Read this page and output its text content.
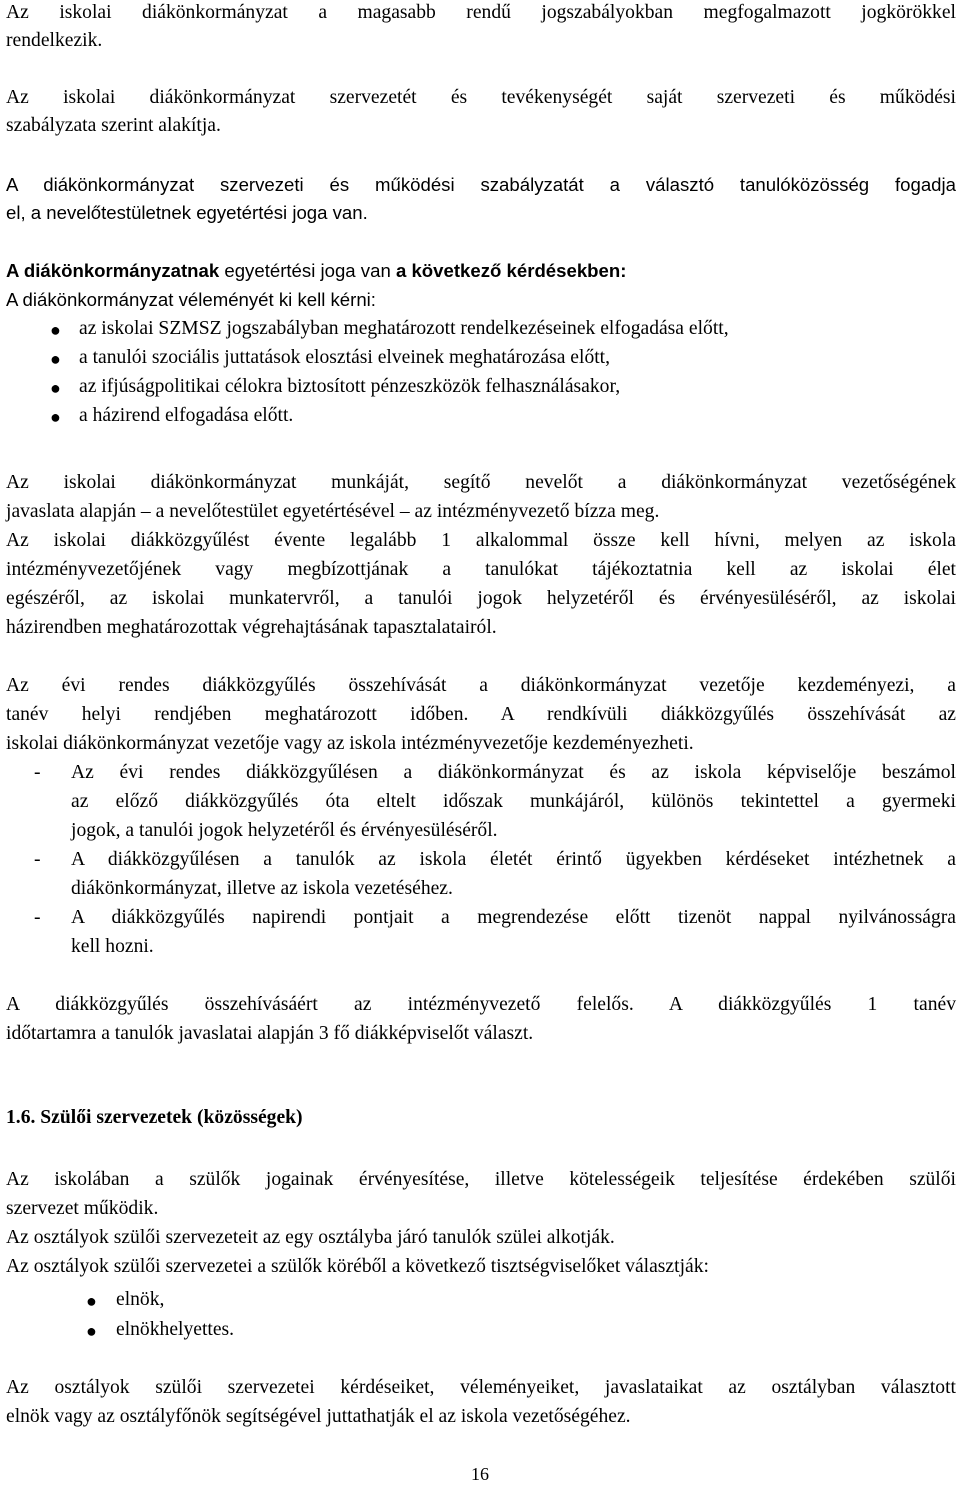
Az iskolai diákönkormányzat a magasabb rendű jogszabályokban megfogalmazott jogkörökkel
rendelkezik.
Az iskolai diákönkormányzat szervezetét és tevékenységét saját szervezeti és működési
szabályzata szerint alakítja.
A diákönkormányzat szervezeti és működési szabályzatát a választó tanulóközösség fogadja
el, a nevelőtestületnek egyetértési joga van.
A diákönkormányzatnak egyetértési joga van a következő kérdésekben:
A diákönkormányzat véleményét ki kell kérni:
● az iskolai SZMSZ jogszabályban meghatározott rendelkezéseinek elfogadása előtt,
● a tanulói szociális juttatások elosztási elveinek meghatározása előtt,
● az ifjúságpolitikai célokra biztosított pénzeszközök felhasználásakor,
● a házirend elfogadása előtt.
Az iskolai diákönkormányzat munkáját, segítő nevelőt a diákönkormányzat vezetőségének
javaslata alapján – a nevelőtestület egyetértésével – az intézményvezető bízza meg.
Az iskolai diákközgyűlést évente legalább 1 alkalommal össze kell hívni, melyen az iskola
intézményvezetőjének vagy megbízottjának a tanulókat tájékoztatnia kell az iskolai élet
egészéről, az iskolai munkatervről, a tanulói jogok helyzetéről és érvényesüléséről, az iskolai
házirendben meghatározottak végrehajtásának tapasztalatairól.
Az évi rendes diákközgyűlés összehívását a diákönkormányzat vezetője kezdeményezi, a
tanév helyi rendjében meghatározott időben. A rendkívüli diákközgyűlés összehívását az
iskolai diákönkormányzat vezetője vagy az iskola intézményvezetője kezdeményezheti.
- Az évi rendes diákközgyűlésen a diákönkormányzat és az iskola képviselője beszámol
az előző diákközgyűlés óta eltelt időszak munkájáról, különös tekintettel a gyermeki
jogok, a tanulói jogok helyzetéről és érvényesüléséről.
- A diákközgyűlésen a tanulók az iskola életét érintő ügyekben kérdéseket intézhetnek a
diákönkormányzat, illetve az iskola vezetéséhez.
- A diákközgyűlés napirendi pontjait a megrendezése előtt tizenöt nappal nyilvánosságra
kell hozni.
A diákközgyűlés összehívásáért az intézményvezető felelős. A diákközgyűlés 1 tanév
időtartamra a tanulók javaslatai alapján 3 fő diákképviselőt választ.
1.6. Szülői szervezetek (közösségek)
Az iskolában a szülők jogainak érvényesítése, illetve kötelességeik teljesítése érdekében szülői
szervezet működik.
Az osztályok szülői szervezeteit az egy osztályba járó tanulók szülei alkotják.
Az osztályok szülői szervezetei a szülők köréből a következő tisztségviselőket választják:
● elnök,
● elnökhelyettes.
Az osztályok szülői szervezetei kérdéseiket, véleményeiket, javaslataikat az osztályban választott
elnök vagy az osztályfőnök segítségével juttathatják el az iskola vezetőségéhez.
16
